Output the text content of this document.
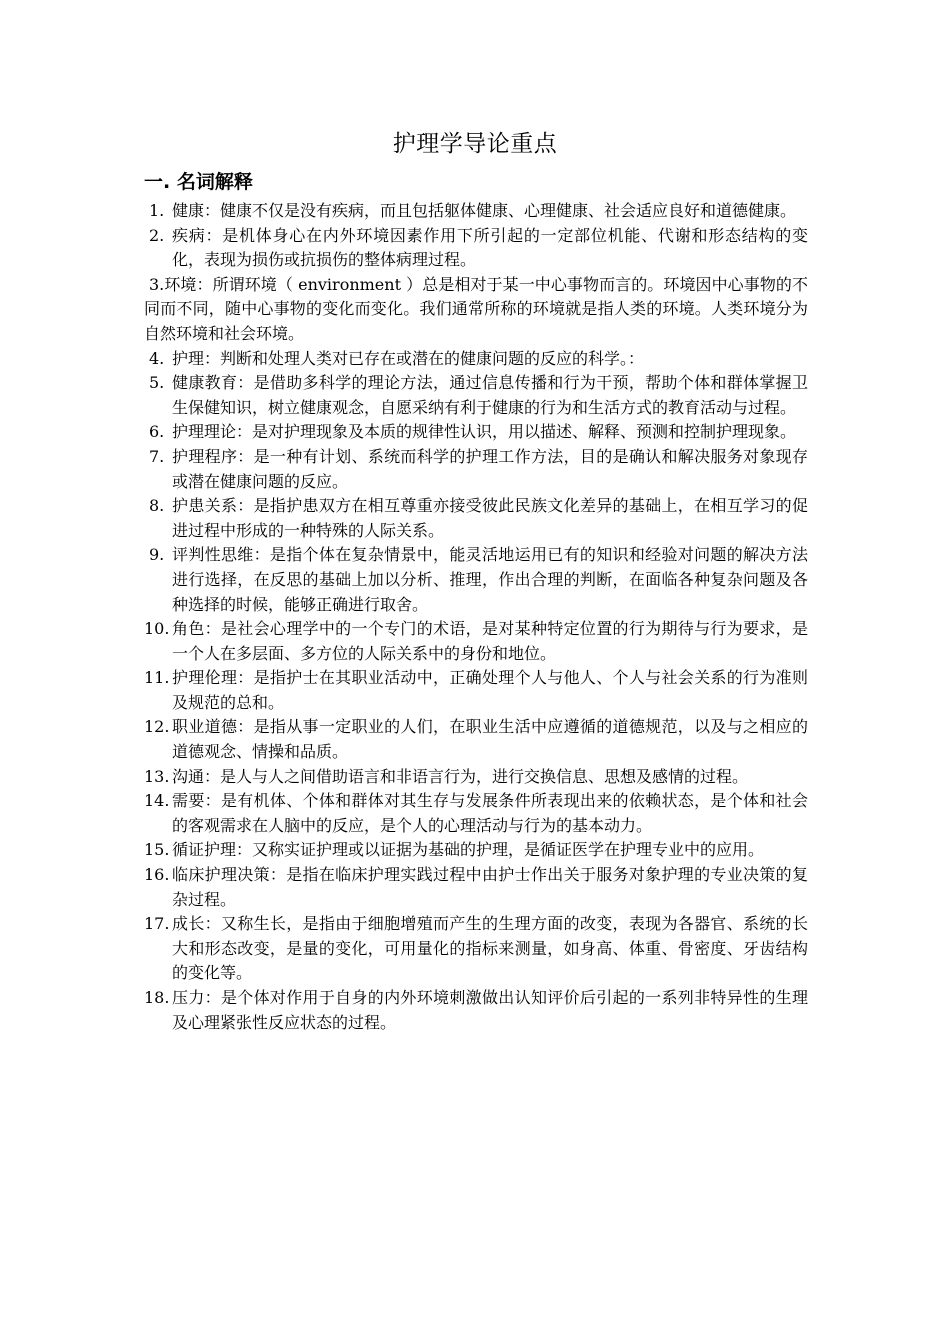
护理学导论重点
一. 名词解释
1. 健康：健康不仅是没有疾病，而且包括躯体健康、心理健康、社会适应良好和道德健康。
2. 疾病：是机体身心在内外环境因素作用下所引起的一定部位机能、代谢和形态结构的变化，表现为损伤或抗损伤的整体病理过程。
3.环境：所谓环境（ environment ）总是相对于某一中心事物而言的。环境因中心事物的不同而不同，随中心事物的变化而变化。我们通常所称的环境就是指人类的环境。人类环境分为自然环境和社会环境。
4. 护理：判断和处理人类对已存在或潜在的健康问题的反应的科学。：
5. 健康教育：是借助多科学的理论方法，通过信息传播和行为干预，帮助个体和群体掌握卫生保健知识，树立健康观念，自愿采纳有利于健康的行为和生活方式的教育活动与过程。
6. 护理理论：是对护理现象及本质的规律性认识，用以描述、解释、预测和控制护理现象。
7. 护理程序：是一种有计划、系统而科学的护理工作方法，目的是确认和解决服务对象现存或潜在健康问题的反应。
8. 护患关系：是指护患双方在相互尊重亦接受彼此民族文化差异的基础上，在相互学习的促进过程中形成的一种特殊的人际关系。
9. 评判性思维：是指个体在复杂情景中，能灵活地运用已有的知识和经验对问题的解决方法进行选择，在反思的基础上加以分析、推理，作出合理的判断，在面临各种复杂问题及各种选择的时候，能够正确进行取舍。
10. 角色：是社会心理学中的一个专门的术语，是对某种特定位置的行为期待与行为要求，是一个人在多层面、多方位的人际关系中的身份和地位。
11. 护理伦理：是指护士在其职业活动中，正确处理个人与他人、个人与社会关系的行为准则及规范的总和。
12. 职业道德：是指从事一定职业的人们，在职业生活中应遵循的道德规范，以及与之相应的道德观念、情操和品质。
13. 沟通：是人与人之间借助语言和非语言行为，进行交换信息、思想及感情的过程。
14. 需要：是有机体、个体和群体对其生存与发展条件所表现出来的依赖状态，是个体和社会的客观需求在人脑中的反应，是个人的心理活动与行为的基本动力。
15. 循证护理：又称实证护理或以证据为基础的护理，是循证医学在护理专业中的应用。
16. 临床护理决策：是指在临床护理实践过程中由护士作出关于服务对象护理的专业决策的复杂过程。
17. 成长：又称生长，是指由于细胞增殖而产生的生理方面的改变，表现为各器官、系统的长大和形态改变，是量的变化，可用量化的指标来测量，如身高、体重、骨密度、牙齿结构的变化等。
18. 压力：是个体对作用于自身的内外环境刺激做出认知评价后引起的一系列非特异性的生理及心理紧张性反应状态的过程。
